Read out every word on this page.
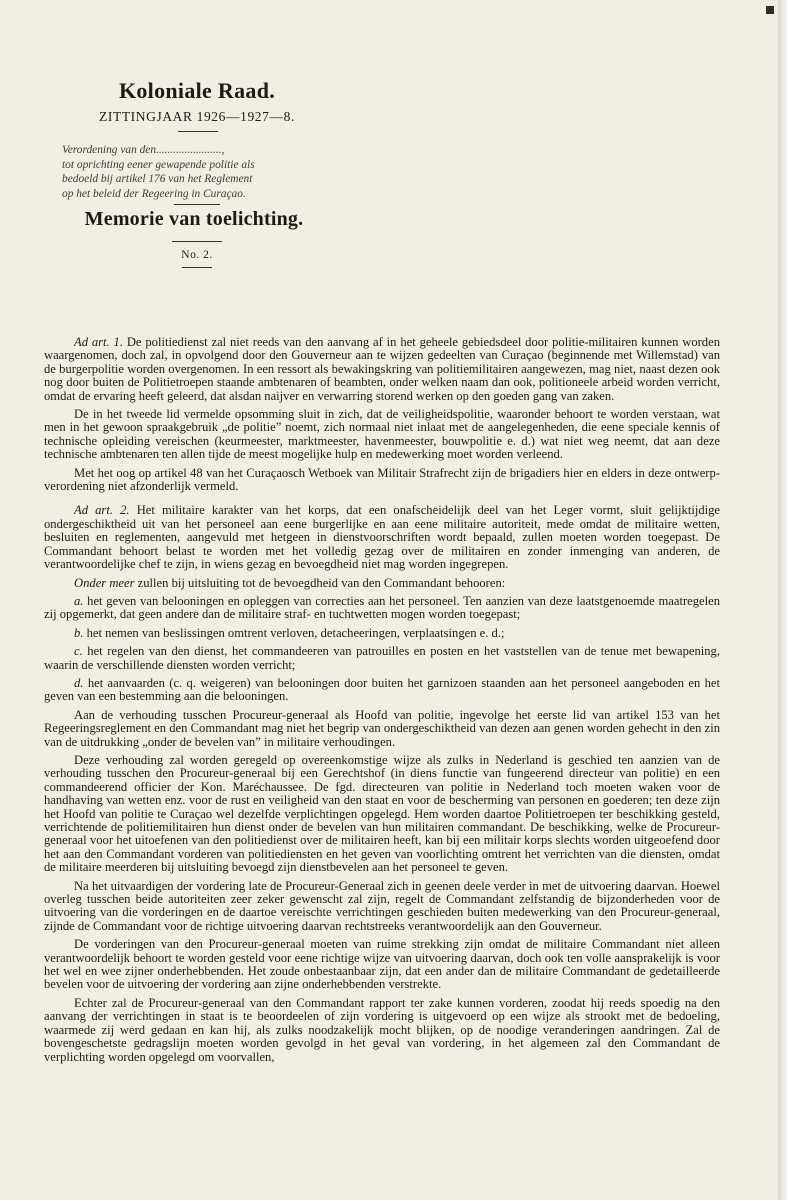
Koloniale Raad.

ZITTINGJAAR 1926—1927—8.

Verordening van den.......................,
tot oprichting eener gewapende politie als
bedoeld bij artikel 176 van het Reglement
op het beleid der Regeering in Curaçao.
Memorie van toelichting.
No. 2.

Ad art. 1. De politiedienst zal niet reeds van den aanvang af in het geheele gebiedsdeel door politie-militairen kunnen worden waargenomen, doch zal, in opvolgend door den Gouverneur aan te wijzen gedeelten van Curaçao (beginnende met Willemstad) van de burgerpolitie worden overgenomen. In een ressort als bewakingskring van politiemilitairen aangewezen, mag niet, naast dezen ook nog door buiten de Politietroepen staande ambtenaren of beambten, onder welken naam dan ook, politioneele arbeid worden verricht, omdat de ervaring heeft geleerd, dat alsdan naijver en verwarring storend werken op den goeden gang van zaken.

De in het tweede lid vermelde opsomming sluit in zich, dat de veiligheidspolitie, waaronder behoort te worden verstaan, wat men in het gewoon spraakgebruik „de politie” noemt, zich normaal niet inlaat met de aangelegenheden, die eene speciale kennis of technische opleiding vereischen (keurmeester, marktmeester, havenmeester, bouwpolitie e. d.) wat niet weg neemt, dat aan deze technische ambtenaren ten allen tijde de meest mogelijke hulp en medewerking moet worden verleend.

Met het oog op artikel 48 van het Curaçaosch Wetboek van Militair Strafrecht zijn de brigadiers hier en elders in deze ontwerp-verordening niet afzonderlijk vermeld.

Ad art. 2. Het militaire karakter van het korps, dat een onafscheidelijk deel van het Leger vormt, sluit gelijktijdige ondergeschiktheid uit van het personeel aan eene burgerlijke en aan eene militaire autoriteit, mede omdat de militaire wetten, besluiten en reglementen, aangevuld met hetgeen in dienstvoorschriften wordt bepaald, zullen moeten worden toegepast. De Commandant behoort belast te worden met het volledig gezag over de militairen en zonder inmenging van anderen, de verantwoordelijke chef te zijn, in wiens gezag en bevoegdheid niet mag worden ingegrepen.

Onder meer zullen bij uitsluiting tot de bevoegdheid van den Commandant behooren:

a. het geven van belooningen en opleggen van correcties aan het personeel. Ten aanzien van deze laatstgenoemde maatregelen zij opgemerkt, dat geen andere dan de militaire straf- en tuchtwetten mogen worden toegepast;

b. het nemen van beslissingen omtrent verloven, detacheeringen, verplaatsingen e. d.;

c. het regelen van den dienst, het commandeeren van patrouilles en posten en het vaststellen van de tenue met bewapening, waarin de verschillende diensten worden verricht;

d. het aanvaarden (c. q. weigeren) van belooningen door buiten het garnizoen staanden aan het personeel aangeboden en het geven van een bestemming aan die belooningen.

Aan de verhouding tusschen Procureur-generaal als Hoofd van politie, ingevolge het eerste lid van artikel 153 van het Regeeringsreglement en den Commandant mag niet het begrip van ondergeschiktheid van dezen aan genen worden gehecht in den zin van de uitdrukking „onder de bevelen van” in militaire verhoudingen.

Deze verhouding zal worden geregeld op overeenkomstige wijze als zulks in Nederland is geschied ten aanzien van de verhouding tusschen den Procureur-generaal bij een Gerechtshof (in diens functie van fungeerend directeur van politie) en een commandeerend officier der Kon. Maréchaussee. De fgd. directeuren van politie in Nederland toch moeten waken voor de handhaving van wetten enz. voor de rust en veiligheid van den staat en voor de bescherming van personen en goederen; ten deze zijn het Hoofd van politie te Curaçao wel dezelfde verplichtingen opgelegd. Hem worden daartoe Politietroepen ter beschikking gesteld, verrichtende de politiemilitairen hun dienst onder de bevelen van hun militairen commandant. De beschikking, welke de Procureur-generaal voor het uitoefenen van den politiedienst over de militairen heeft, kan bij een militair korps slechts worden uitgeoefend door het aan den Commandant vorderen van politiediensten en het geven van voorlichting omtrent het verrichten van die diensten, omdat de militaire meerderen bij uitsluiting bevoegd zijn dienstbevelen aan het personeel te geven.

Na het uitvaardigen der vordering late de Procureur-Generaal zich in geenen deele verder in met de uitvoering daarvan. Hoewel overleg tusschen beide autoriteiten zeer zeker gewenscht zal zijn, regelt de Commandant zelfstandig de bijzonderheden voor de uitvoering van die vorderingen en de daartoe vereischte verrichtingen geschieden buiten medewerking van den Procureur-generaal, zijnde de Commandant voor de richtige uitvoering daarvan rechtstreeks verantwoordelijk aan den Gouverneur.

De vorderingen van den Procureur-generaal moeten van ruime strekking zijn omdat de militaire Commandant niet alleen verantwoordelijk behoort te worden gesteld voor eene richtige wijze van uitvoering daarvan, doch ook ten volle aansprakelijk is voor het wel en wee zijner onderhebbenden. Het zoude onbestaanbaar zijn, dat een ander dan de militaire Commandant de gedetailleerde bevelen voor de uitvoering der vordering aan zijne onderhebbenden verstrekte.

Echter zal de Procureur-generaal van den Commandant rapport ter zake kunnen vorderen, zoodat hij reeds spoedig na den aanvang der verrichtingen in staat is te beoordeelen of zijn vordering is uitgevoerd op een wijze als strookt met de bedoeling, waarmede zij werd gedaan en kan hij, als zulks noodzakelijk mocht blijken, op de noodige veranderingen aandringen. Zal de bovengeschetste gedragslijn moeten worden gevolgd in het geval van vordering, in het algemeen zal den Commandant de verplichting worden opgelegd om voorvallen,
